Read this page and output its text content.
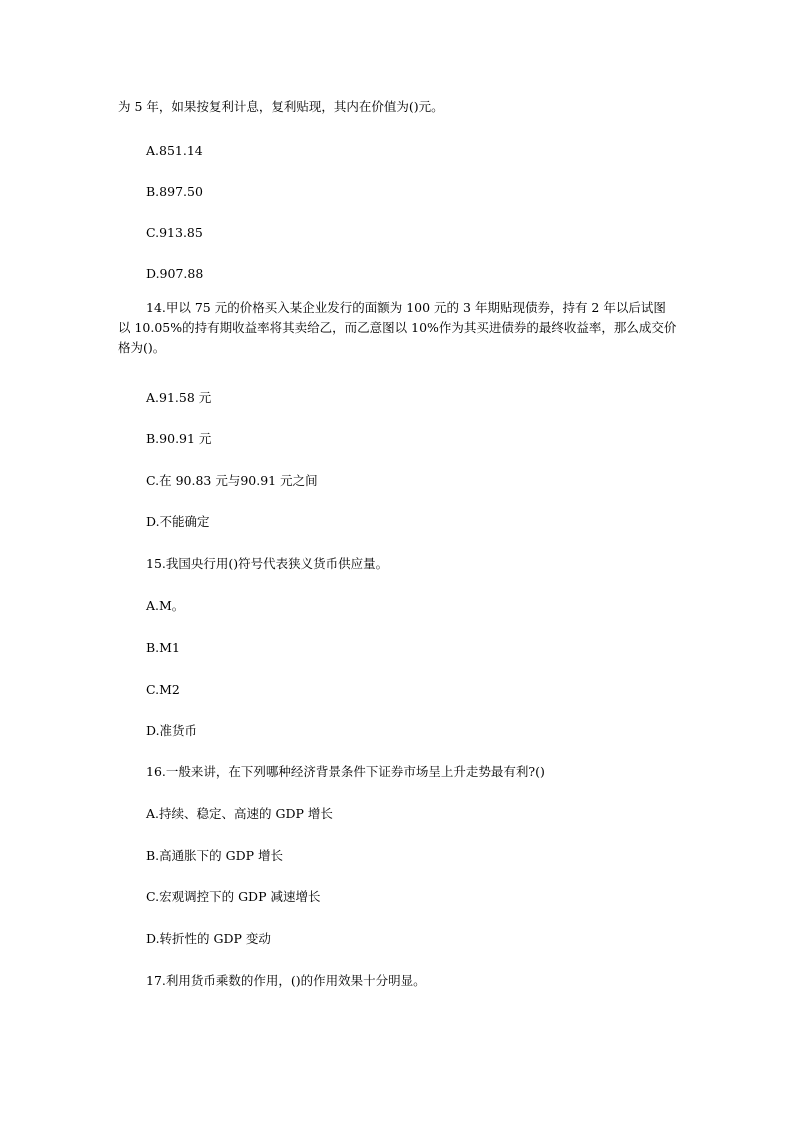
为 5 年，如果按复利计息，复利贴现，其内在价值为()元。
A.851.14
B.897.50
C.913.85
D.907.88
14.甲以 75 元的价格买入某企业发行的面额为 100 元的 3 年期贴现债券，持有 2 年以后试图以 10.05%的持有期收益率将其卖给乙，而乙意图以 10%作为其买进债券的最终收益率，那么成交价格为()。
A.91.58 元
B.90.91 元
C.在 90.83 元与90.91 元之间
D.不能确定
15.我国央行用()符号代表狭义货币供应量。
A.M。
B.M1
C.M2
D.准货币
16.一般来讲，在下列哪种经济背景条件下证券市场呈上升走势最有利?()
A.持续、稳定、高速的 GDP 增长
B.高通胀下的 GDP 增长
C.宏观调控下的 GDP 减速增长
D.转折性的 GDP 变动
17.利用货币乘数的作用，()的作用效果十分明显。
